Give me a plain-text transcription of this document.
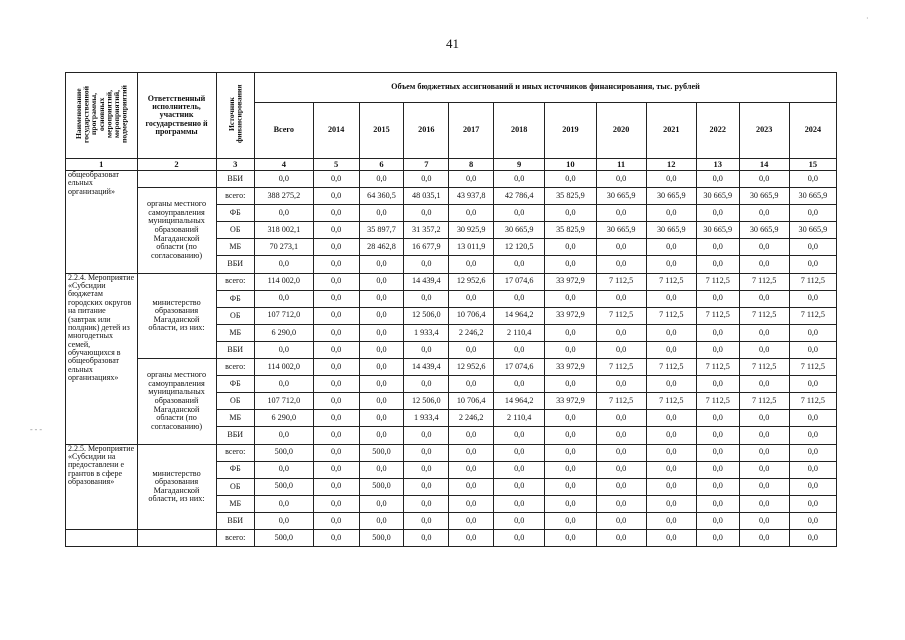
41
Наименование государственной программы, основных мероприятий, мероприятий, подмероприятий	Ответственный исполнитель, участник государственно й программы	Источник финансирования	Объем бюджетных ассигнований и иных источников финансирования, тыс. рублей											
			Всего	2014	2015	2016	2017	2018	2019	2020	2021	2022	2023	2024
1	2	3	4	5	6	7	8	9	10	11	12	13	14	15
общеобразоват ельных организаций»		ВБИ	0,0	0,0	0,0	0,0	0,0	0,0	0,0	0,0	0,0	0,0	0,0	0,0
	органы местного самоуправления муниципальных образований Магаданской области (по согласованию)	всего:	388 275,2	0,0	64 360,5	48 035,1	43 937,8	42 786,4	35 825,9	30 665,9	30 665,9	30 665,9	30 665,9	30 665,9
		ФБ	0,0	0,0	0,0	0,0	0,0	0,0	0,0	0,0	0,0	0,0	0,0	0,0
		ОБ	318 002,1	0,0	35 897,7	31 357,2	30 925,9	30 665,9	35 825,9	30 665,9	30 665,9	30 665,9	30 665,9	30 665,9
		МБ	70 273,1	0,0	28 462,8	16 677,9	13 011,9	12 120,5	0,0	0,0	0,0	0,0	0,0	0,0
		ВБИ	0,0	0,0	0,0	0,0	0,0	0,0	0,0	0,0	0,0	0,0	0,0	0,0
2.2.4. Мероприятие «Субсидии бюджетам городских округов на питание (завтрак или полдник) детей из многодетных семей, обучающихся в общеобразоват ельных организациях»	министерство образования Магаданской области, из них:	всего:	114 002,0	0,0	0,0	14 439,4	12 952,6	17 074,6	33 972,9	7 112,5	7 112,5	7 112,5	7 112,5	7 112,5
		ФБ	0,0	0,0	0,0	0,0	0,0	0,0	0,0	0,0	0,0	0,0	0,0	0,0
		ОБ	107 712,0	0,0	0,0	12 506,0	10 706,4	14 964,2	33 972,9	7 112,5	7 112,5	7 112,5	7 112,5	7 112,5
		МБ	6 290,0	0,0	0,0	1 933,4	2 246,2	2 110,4	0,0	0,0	0,0	0,0	0,0	0,0
		ВБИ	0,0	0,0	0,0	0,0	0,0	0,0	0,0	0,0	0,0	0,0	0,0	0,0
	органы местного самоуправления муниципальных образований Магаданской области (по согласованию)	всего:	114 002,0	0,0	0,0	14 439,4	12 952,6	17 074,6	33 972,9	7 112,5	7 112,5	7 112,5	7 112,5	7 112,5
		ФБ	0,0	0,0	0,0	0,0	0,0	0,0	0,0	0,0	0,0	0,0	0,0	0,0
		ОБ	107 712,0	0,0	0,0	12 506,0	10 706,4	14 964,2	33 972,9	7 112,5	7 112,5	7 112,5	7 112,5	7 112,5
		МБ	6 290,0	0,0	0,0	1 933,4	2 246,2	2 110,4	0,0	0,0	0,0	0,0	0,0	0,0
		ВБИ	0,0	0,0	0,0	0,0	0,0	0,0	0,0	0,0	0,0	0,0	0,0	0,0
2.2.5. Мероприятие «Субсидии на предоставлени е грантов в сфере образования»	министерство образования Магаданской области, из них:	всего:	500,0	0,0	500,0	0,0	0,0	0,0	0,0	0,0	0,0	0,0	0,0	0,0
		ФБ	0,0	0,0	0,0	0,0	0,0	0,0	0,0	0,0	0,0	0,0	0,0	0,0
		ОБ	500,0	0,0	500,0	0,0	0,0	0,0	0,0	0,0	0,0	0,0	0,0	0,0
		МБ	0,0	0,0	0,0	0,0	0,0	0,0	0,0	0,0	0,0	0,0	0,0	0,0
		ВБИ	0,0	0,0	0,0	0,0	0,0	0,0	0,0	0,0	0,0	0,0	0,0	0,0
		всего:	500,0	0,0	500,0	0,0	0,0	0,0	0,0	0,0	0,0	0,0	0,0	0,0
·
- - -
